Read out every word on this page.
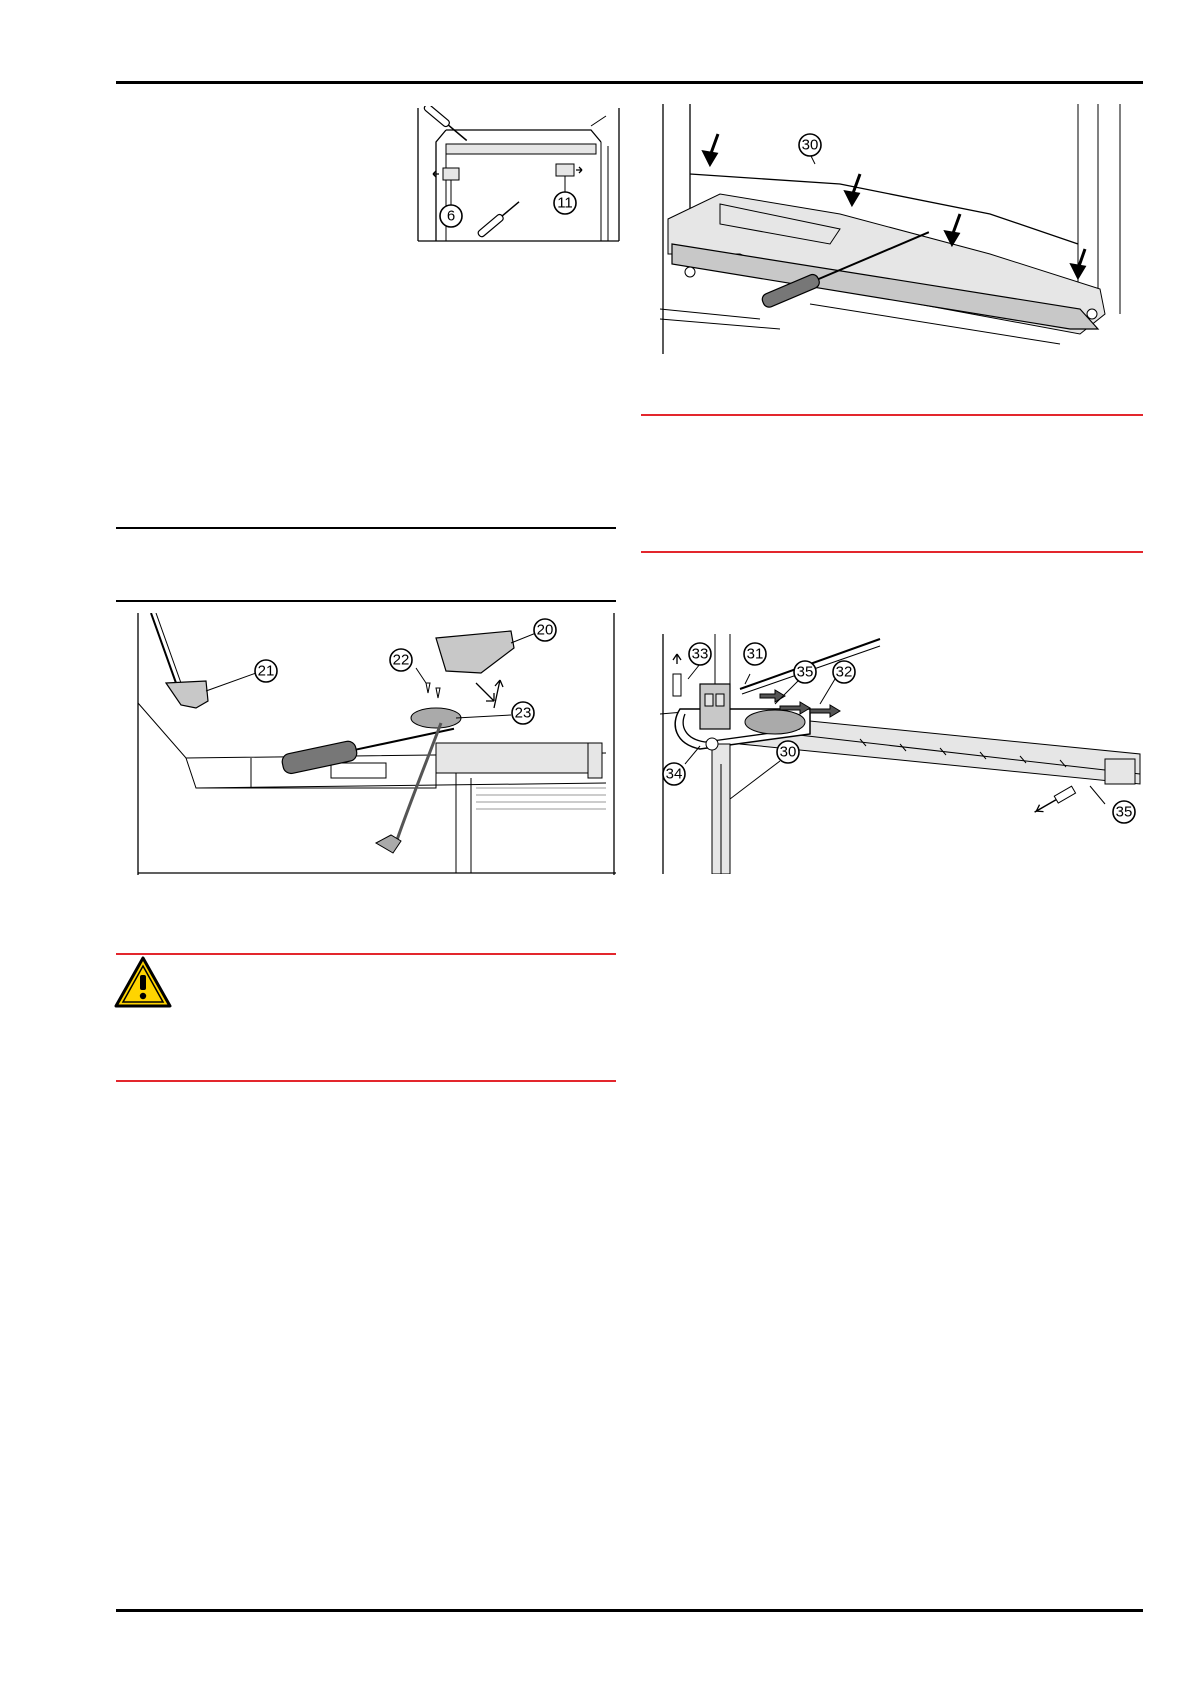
6
11
30
21
22
20
23
33	31
35 32
34
30
35
